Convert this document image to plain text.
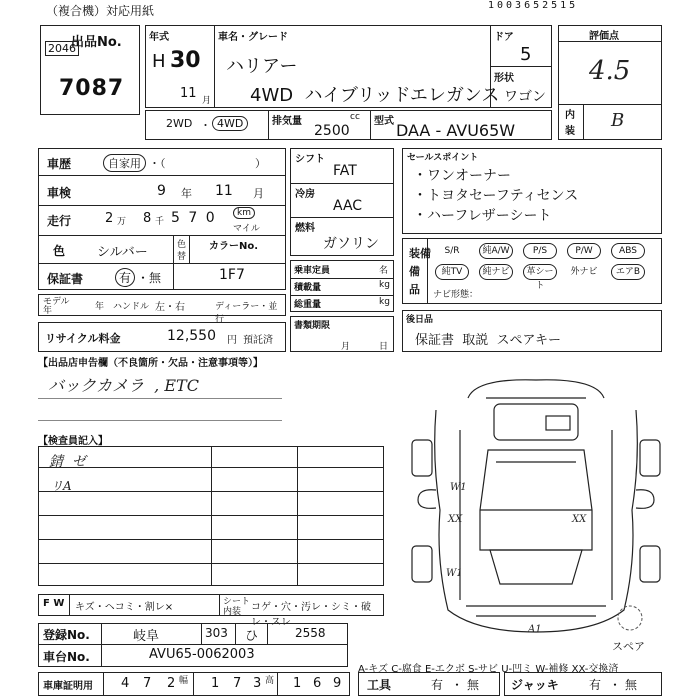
（複合機）対応用紙	1003652515
出品No.
2046
7087
年式
H 30
11 月
車名・グレード
ハリアー
4WD  ハイブリッドエレガンス
ドア
5
形状
ワゴン
評価点
4.5
内
装
B
2WD ・ 4WD	排気量	cc
2500
型式 DAA - AVU65W
車歴	自家用 ・（	）
車検	9 年 11 月
走行	2 万 8 千 5 7 0	km
マイル
色 シルバー	色
替
カラーNo.
保証書	有 ・ 無	1F7
モデル
年	年 ハンドル 左・右	ディーラー・並行
リサイクル料金	12,550 円 預託済
シフト
FAT
冷房
AAC
燃料
ガソリン
乗車定員	名
積載量	kg
総重量	kg
書類期限
月	日
セールスポイント
・ワンオーナー
・トヨタセーフティセンス
・ハーフレザーシート
装備
備
品
S/R	純A/W	P/S	P/W	ABS
純TV	純ナビ	革シート
外ナビ	エアB
ナビ形態：
後日品
保証書  取説  スペアキー
【出品店申告欄（不良箇所・欠品・注意事項等）】
バックカメラ  , ETC
【検査員記入】
錆  ゼ
リA	W1
XX	XX
W1
A1
スペア
F W キズ・ヘコミ・割レ×	シート
内装 コゲ・穴・汚レ・シミ・破レ・スレ
登録No.	岐阜	303 ひ	2558
車台No.	AVU65-0062003
A-キズ C-腐食 E-エクボ S-サビ U-凹ミ W-補修 XX-交換済
車庫証明用 4 7 2 幅 1 7 3 高 1 6 9 工具	有 ・ 無	ジャッキ	有 ・ 無
